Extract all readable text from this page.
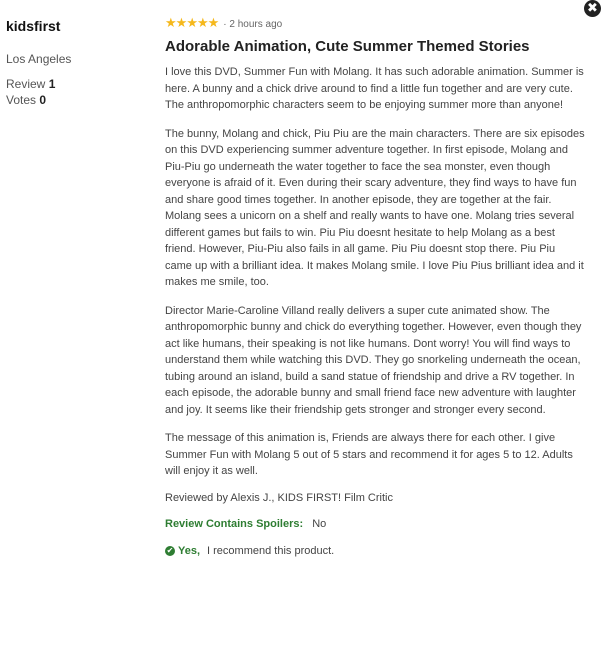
✖
kidsfirst
Los Angeles
Review 1
Votes 0
★ ★ ★ ★ ★ · 2 hours ago
Adorable Animation, Cute Summer Themed Stories

I love this DVD, Summer Fun with Molang. It has such adorable animation. Summer is here. A bunny and a chick drive around to find a little fun together and are very cute. The anthropomorphic characters seem to be enjoying summer more than anyone!

The bunny, Molang and chick, Piu Piu are the main characters. There are six episodes on this DVD experiencing summer adventure together. In first episode, Molang and Piu-Piu go underneath the water together to face the sea monster, even though everyone is afraid of it. Even during their scary adventure, they find ways to have fun and share good times together. In another episode, they are together at the fair. Molang sees a unicorn on a shelf and really wants to have one. Molang tries several different games but fails to win. Piu Piu doesnt hesitate to help Molang as a best friend. However, Piu-Piu also fails in all game. Piu Piu doesnt stop there. Piu Piu came up with a brilliant idea. It makes Molang smile. I love Piu Pius brilliant idea and it makes me smile, too.

Director Marie-Caroline Villand really delivers a super cute animated show. The anthropomorphic bunny and chick do everything together. However, even though they act like humans, their speaking is not like humans. Dont worry! You will find ways to understand them while watching this DVD. They go snorkeling underneath the ocean, tubing around an island, build a sand statue of friendship and drive a RV together. In each episode, the adorable bunny and small friend face new adventure with laughter and joy. It seems like their friendship gets stronger and stronger every second.

The message of this animation is, Friends are always there for each other. I give Summer Fun with Molang 5 out of 5 stars and recommend it for ages 5 to 12. Adults will enjoy it as well.

Reviewed by Alexis J., KIDS FIRST! Film Critic
Review Contains Spoilers: No
✔ Yes, I recommend this product.
